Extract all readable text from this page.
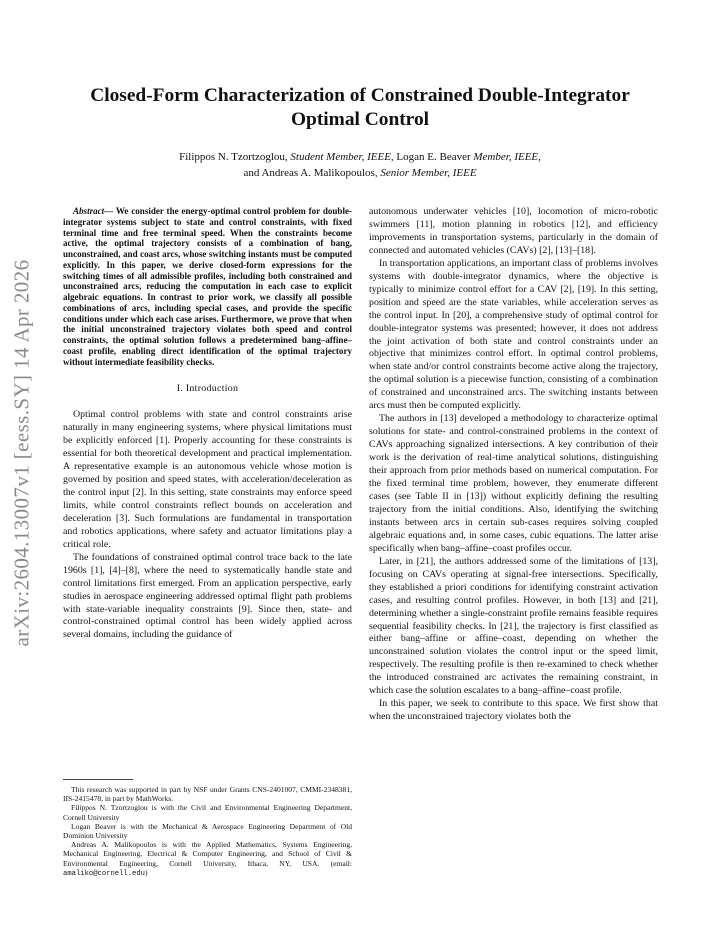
arXiv:2604.13007v1 [eess.SY] 14 Apr 2026
Closed-Form Characterization of Constrained Double-Integrator Optimal Control
Filippos N. Tzortzoglou, Student Member, IEEE, Logan E. Beaver Member, IEEE,
and Andreas A. Malikopoulos, Senior Member, IEEE

Abstract— We consider the energy-optimal control problem for double-integrator systems subject to state and control constraints, with fixed terminal time and free terminal speed. When the constraints become active, the optimal trajectory consists of a combination of bang, unconstrained, and coast arcs, whose switching instants must be computed explicitly. In this paper, we derive closed-form expressions for the switching times of all admissible profiles, including both constrained and unconstrained arcs, reducing the computation in each case to explicit algebraic equations. In contrast to prior work, we classify all possible combinations of arcs, including special cases, and provide the specific conditions under which each case arises. Furthermore, we prove that when the initial unconstrained trajectory violates both speed and control constraints, the optimal solution follows a predetermined bang–affine–coast profile, enabling direct identification of the optimal trajectory without intermediate feasibility checks.

I. Introduction

Optimal control problems with state and control constraints arise naturally in many engineering systems, where physical limitations must be explicitly enforced [1]. Properly accounting for these constraints is essential for both theoretical development and practical implementation. A representative example is an autonomous vehicle whose motion is governed by position and speed states, with acceleration/deceleration as the control input [2]. In this setting, state constraints may enforce speed limits, while control constraints reflect bounds on acceleration and deceleration [3]. Such formulations are fundamental in transportation and robotics applications, where safety and actuator limitations play a critical role.

The foundations of constrained optimal control trace back to the late 1960s [1], [4]–[8], where the need to systematically handle state and control limitations first emerged. From an application perspective, early studies in aerospace engineering addressed optimal flight path problems with state-variable inequality constraints [9]. Since then, state- and control-constrained optimal control has been widely applied across several domains, including the guidance of

This research was supported in part by NSF under Grants CNS-2401007, CMMI-2348381, IIS-2415478, in part by MathWorks.

Filippos N. Tzortzoglou is with the Civil and Environmental Engineering Department, Cornell University

Logan Beaver is with the Mechanical & Aerospace Engineering Department of Old Dominion University

Andreas A. Malikopoulos is with the Applied Mathematics, Systems Engineering, Mechanical Engineering, Electrical & Computer Engineering, and School of Civil & Environmental Engineering, Cornell University, Ithaca, NY, USA. (email: amaliko@cornell.edu)

autonomous underwater vehicles [10], locomotion of micro-robotic swimmers [11], motion planning in robotics [12], and efficiency improvements in transportation systems, particularly in the domain of connected and automated vehicles (CAVs) [2], [13]–[18].

In transportation applications, an important class of problems involves systems with double-integrator dynamics, where the objective is typically to minimize control effort for a CAV [2], [19]. In this setting, position and speed are the state variables, while acceleration serves as the control input. In [20], a comprehensive study of optimal control for double-integrator systems was presented; however, it does not address the joint activation of both state and control constraints under an objective that minimizes control effort. In optimal control problems, when state and/or control constraints become active along the trajectory, the optimal solution is a piecewise function, consisting of a combination of constrained and unconstrained arcs. The switching instants between arcs must then be computed explicitly.

The authors in [13] developed a methodology to characterize optimal solutions for state- and control-constrained problems in the context of CAVs approaching signalized intersections. A key contribution of their work is the derivation of real-time analytical solutions, distinguishing their approach from prior methods based on numerical computation. For the fixed terminal time problem, however, they enumerate different cases (see Table II in [13]) without explicitly defining the resulting trajectory from the initial conditions. Also, identifying the switching instants between arcs in certain sub-cases requires solving coupled algebraic equations and, in some cases, cubic equations. The latter arise specifically when bang–affine–coast profiles occur.

Later, in [21], the authors addressed some of the limitations of [13], focusing on CAVs operating at signal-free intersections. Specifically, they established a priori conditions for identifying constraint activation cases, and resulting control profiles. However, in both [13] and [21], determining whether a single-constraint profile remains feasible requires sequential feasibility checks. In [21], the trajectory is first classified as either bang–affine or affine–coast, depending on whether the unconstrained solution violates the control input or the speed limit, respectively. The resulting profile is then re-examined to check whether the introduced constrained arc activates the remaining constraint, in which case the solution escalates to a bang–affine–coast profile.

In this paper, we seek to contribute to this space. We first show that when the unconstrained trajectory violates both the
